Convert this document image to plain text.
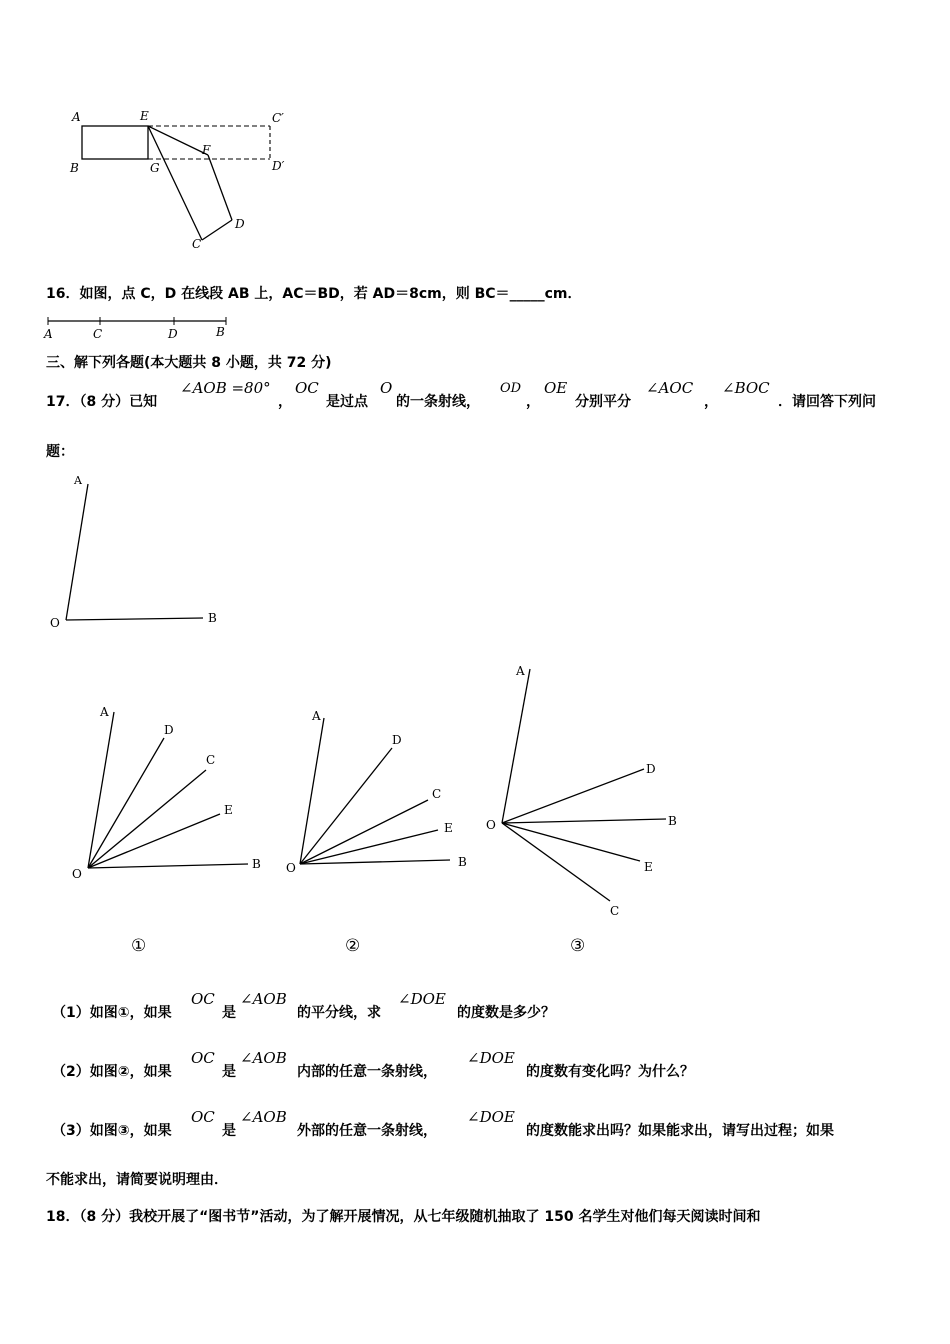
A	E	C′
B	G
F
D′
D
C
16．如图，点 C，D 在线段 AB 上，AC＝BD，若 AD＝8cm，则 BC＝_____cm．
A	C	D	B
三、解下列各题(本大题共 8 小题，共 72 分)
17．（8 分）已知
∠AOB =80°
，
OC
是过点
O
的一条射线，
OD
，
OE
分别平分
∠AOC
，
∠BOC
．请回答下列问
题：
A
O	B
A
D
C
E
O
B
A
D
C
E
O	B
A
D
B
E
O
C
①	②	③
（1）如图①，如果
OC
是
∠AOB
的平分线，求
∠DOE
的度数是多少？
（2）如图②，如果
OC
是
∠AOB
内部的任意一条射线，
∠DOE
的度数有变化吗？为什么？
（3）如图③，如果
OC
是
∠AOB
外部的任意一条射线，
∠DOE
的度数能求出吗？如果能求出，请写出过程；如果
不能求出，请简要说明理由．
18．（8 分）我校开展了“图书节”活动，为了解开展情况，从七年级随机抽取了 150 名学生对他们每天阅读时间和
